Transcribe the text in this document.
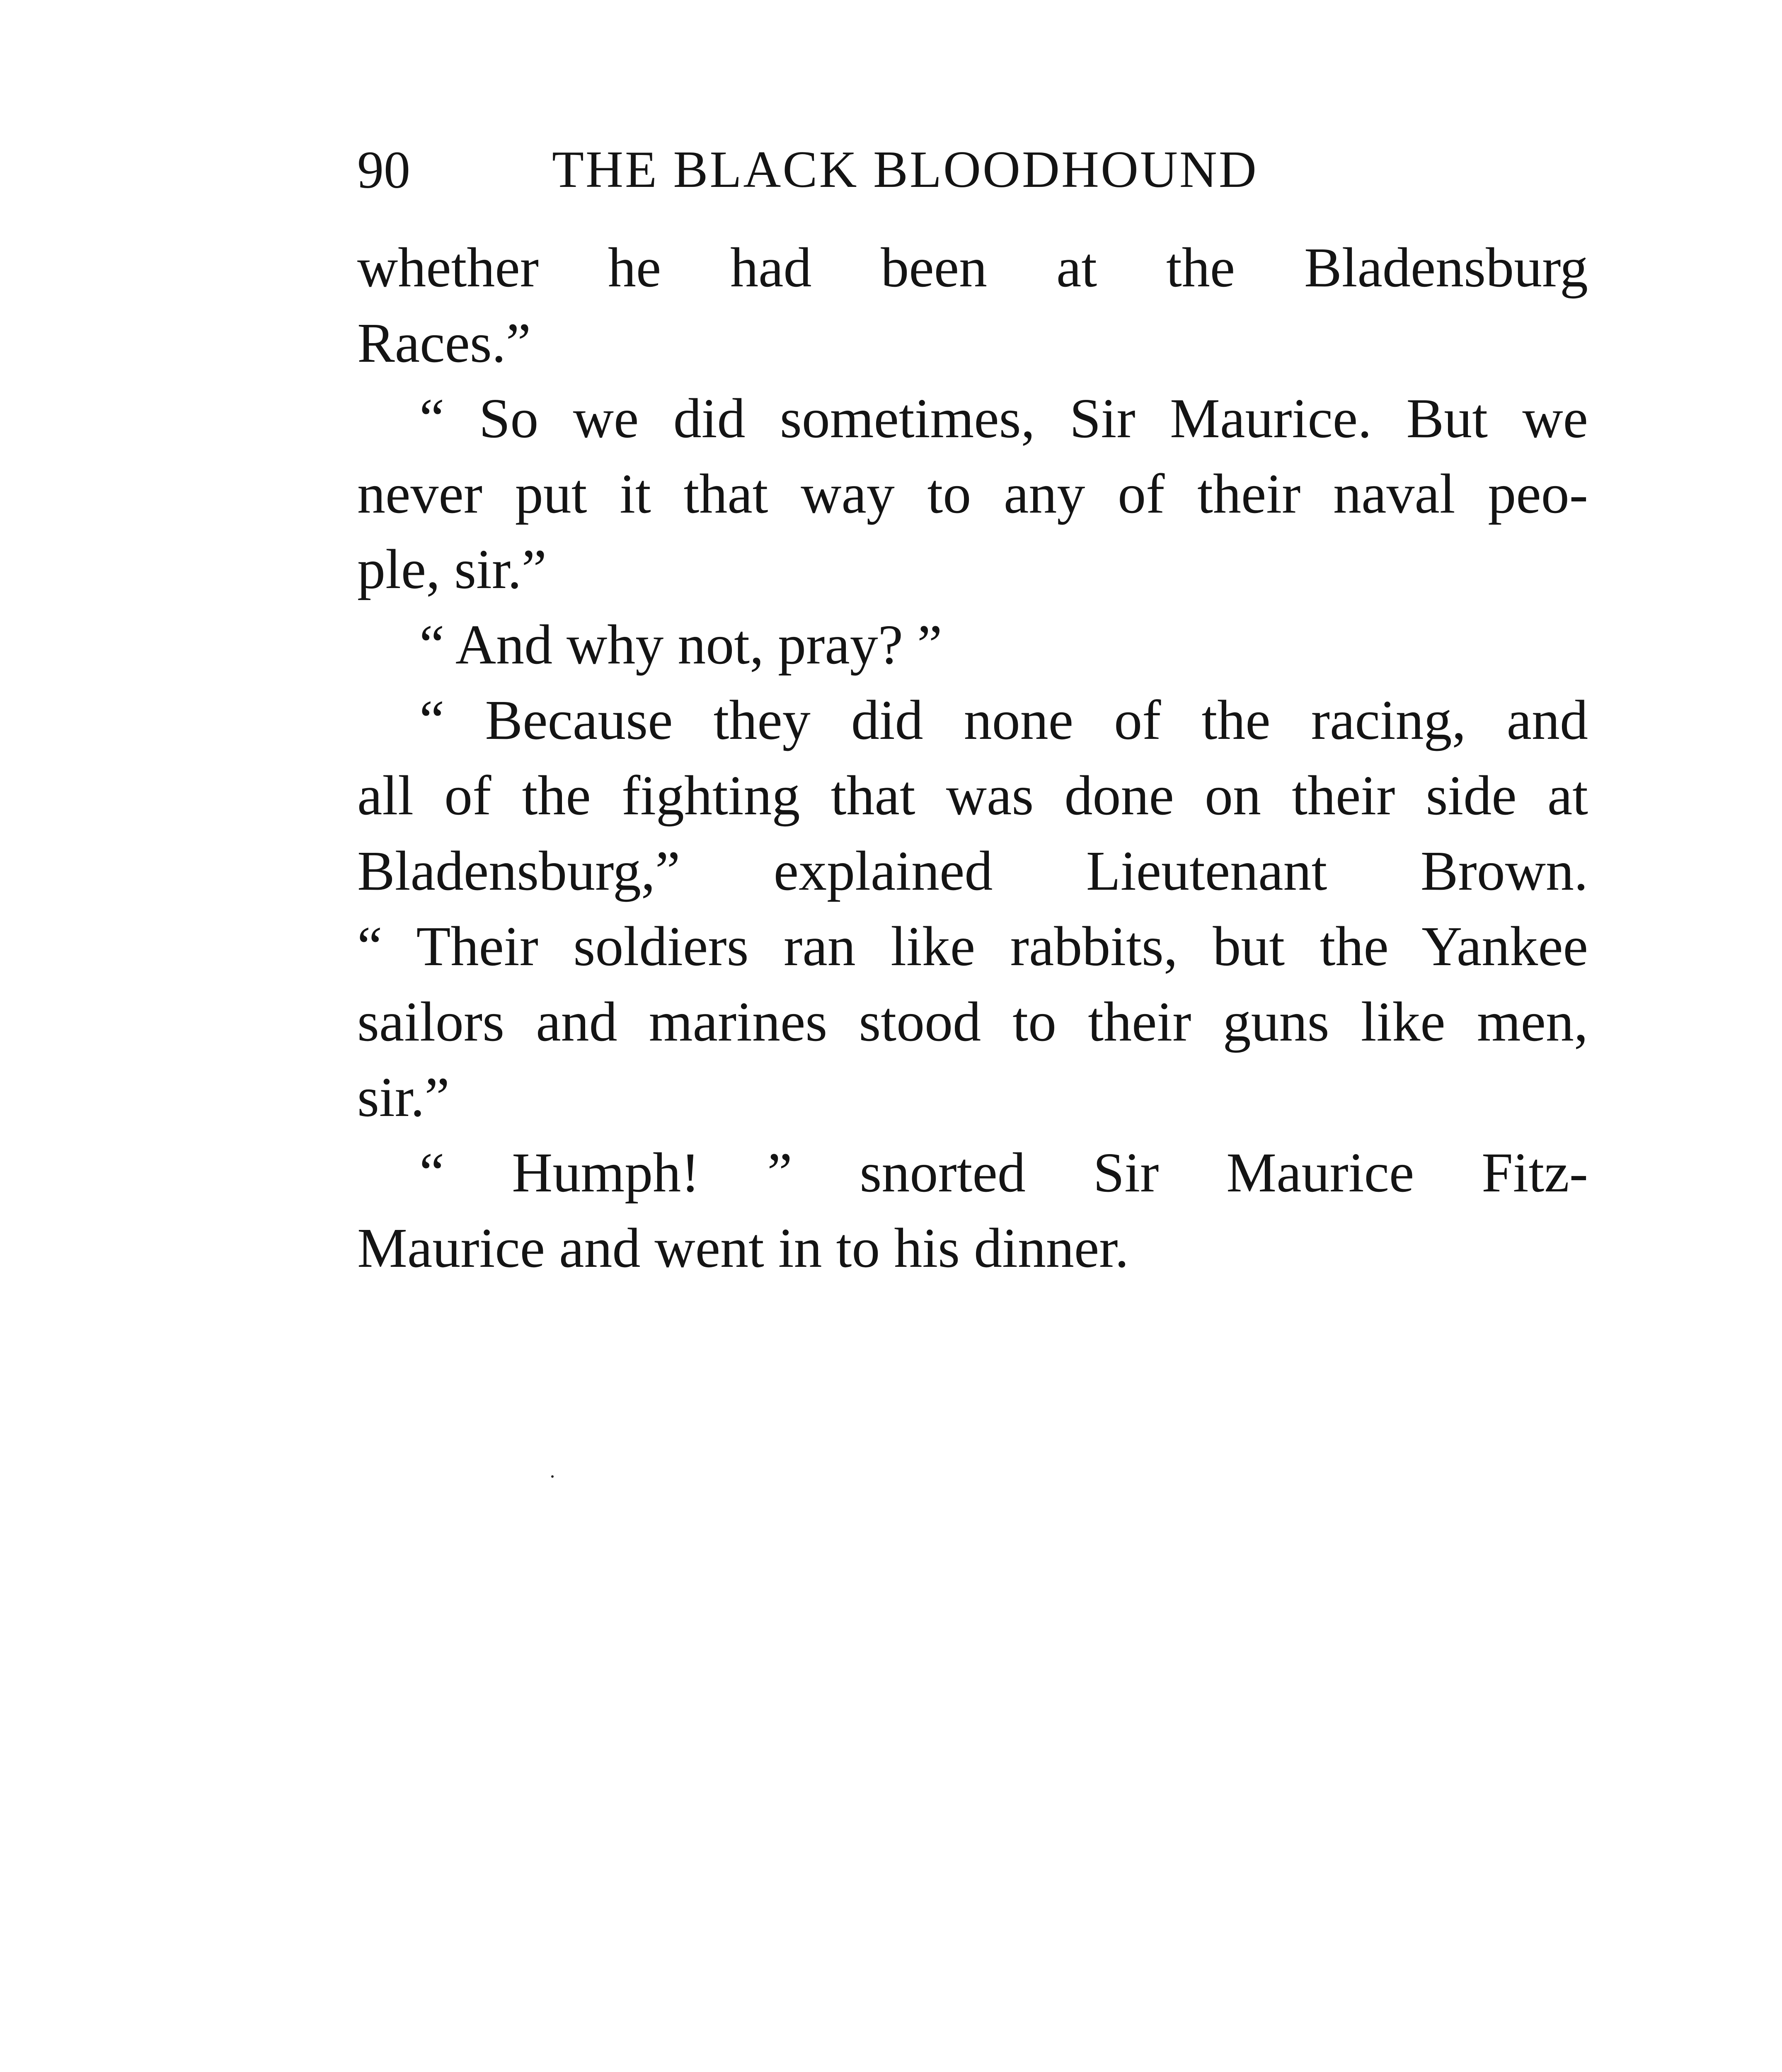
90	THE BLACK BLOODHOUND
whether he had been at the Bladensburg
Races.”
“ So we did sometimes, Sir Maurice. But we
never put it that way to any of their naval peo-
ple, sir.”
“ And why not, pray? ”
“ Because they did none of the racing, and
all of the fighting that was done on their side at
Bladensburg,” explained Lieutenant Brown.
“ Their soldiers ran like rabbits, but the Yankee
sailors and marines stood to their guns like men,
sir.”
“ Humph! ” snorted Sir Maurice Fitz-
Maurice and went in to his dinner.
